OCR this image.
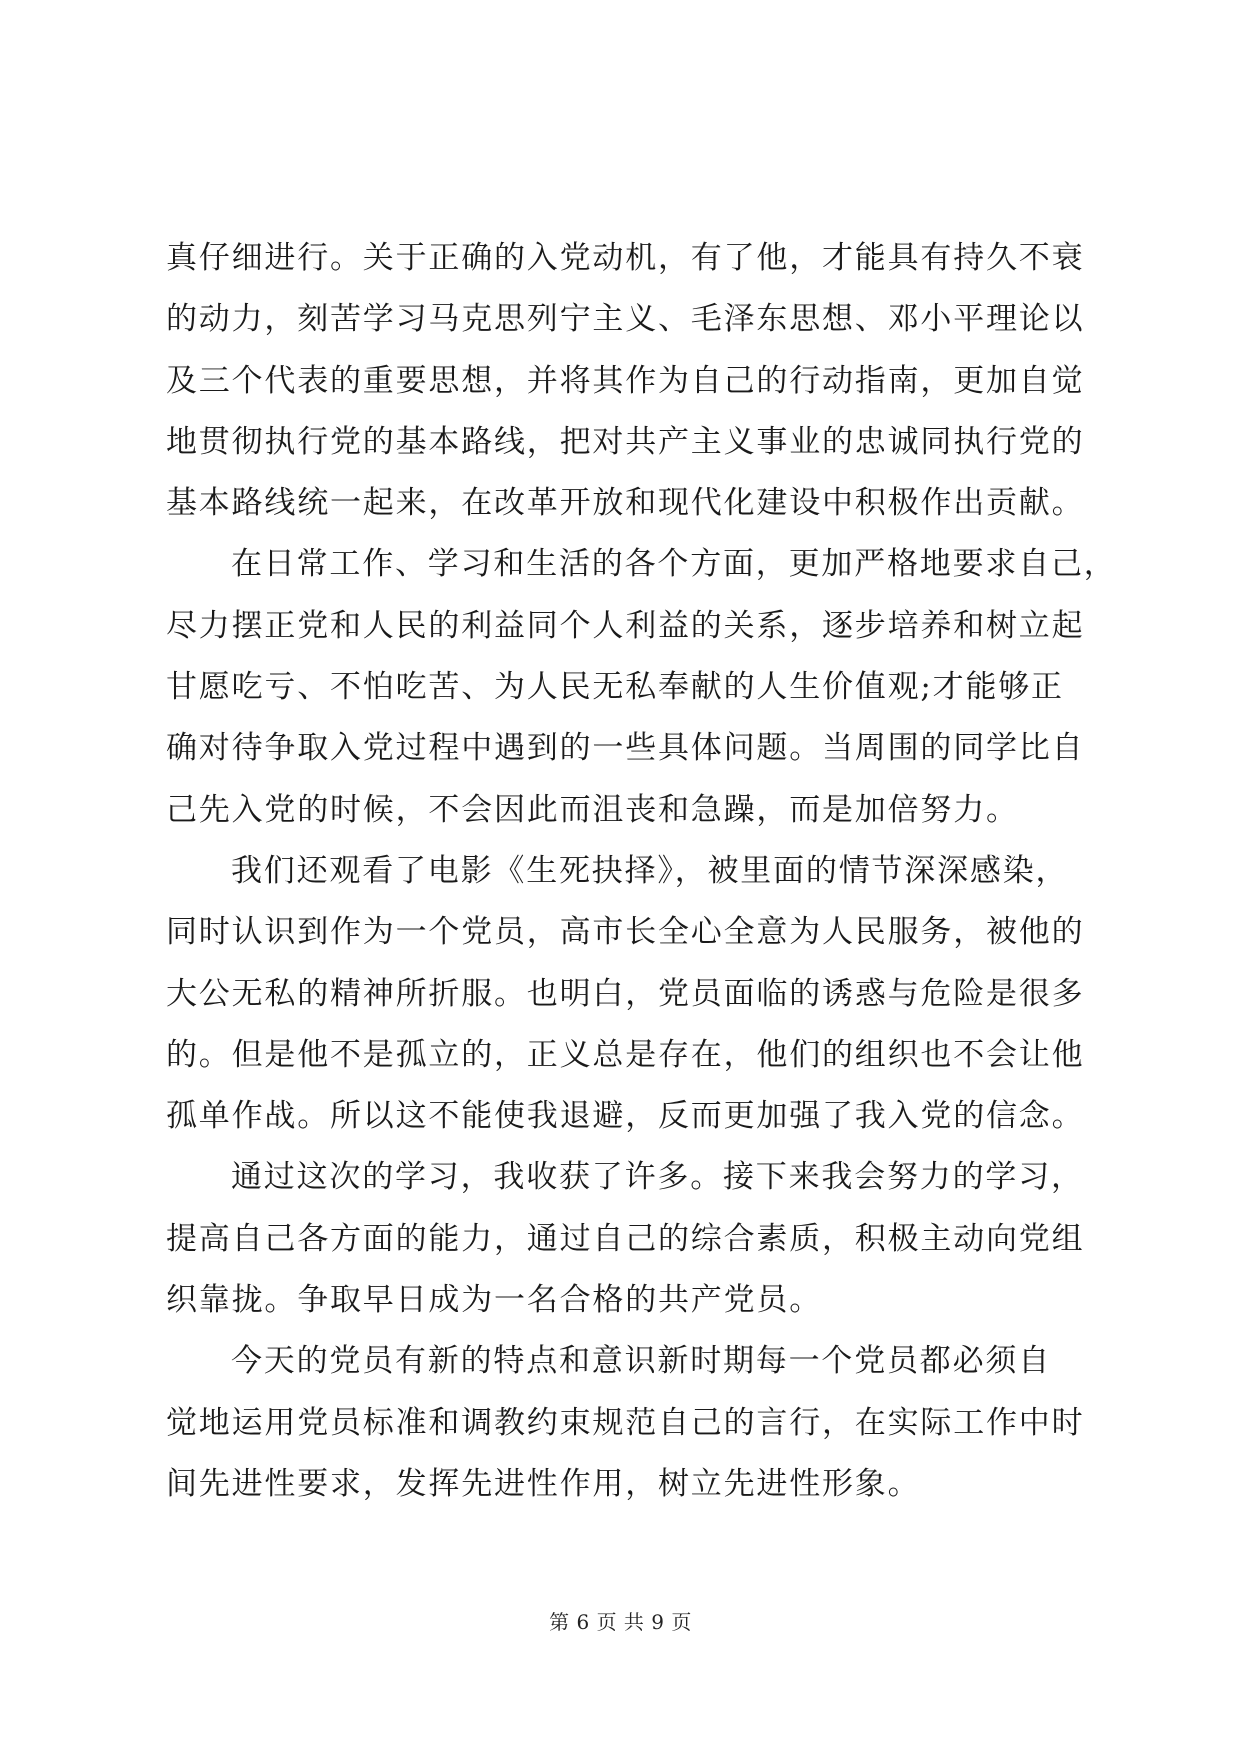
真仔细进行。关于正确的入党动机，有了他，才能具有持久不衰
的动力，刻苦学习马克思列宁主义、毛泽东思想、邓小平理论以
及三个代表的重要思想，并将其作为自己的行动指南，更加自觉
地贯彻执行党的基本路线，把对共产主义事业的忠诚同执行党的
基本路线统一起来，在改革开放和现代化建设中积极作出贡献。
在日常工作、学习和生活的各个方面，更加严格地要求自己，
尽力摆正党和人民的利益同个人利益的关系，逐步培养和树立起
甘愿吃亏、不怕吃苦、为人民无私奉献的人生价值观;才能够正
确对待争取入党过程中遇到的一些具体问题。当周围的同学比自
己先入党的时候，不会因此而沮丧和急躁，而是加倍努力。
我们还观看了电影《生死抉择》，被里面的情节深深感染，
同时认识到作为一个党员，高市长全心全意为人民服务，被他的
大公无私的精神所折服。也明白，党员面临的诱惑与危险是很多
的。但是他不是孤立的，正义总是存在，他们的组织也不会让他
孤单作战。所以这不能使我退避，反而更加强了我入党的信念。
通过这次的学习，我收获了许多。接下来我会努力的学习，
提高自己各方面的能力，通过自己的综合素质，积极主动向党组
织靠拢。争取早日成为一名合格的共产党员。
今天的党员有新的特点和意识新时期每一个党员都必须自
觉地运用党员标准和调教约束规范自己的言行，在实际工作中时
间先进性要求，发挥先进性作用，树立先进性形象。
第 6 页 共 9 页
